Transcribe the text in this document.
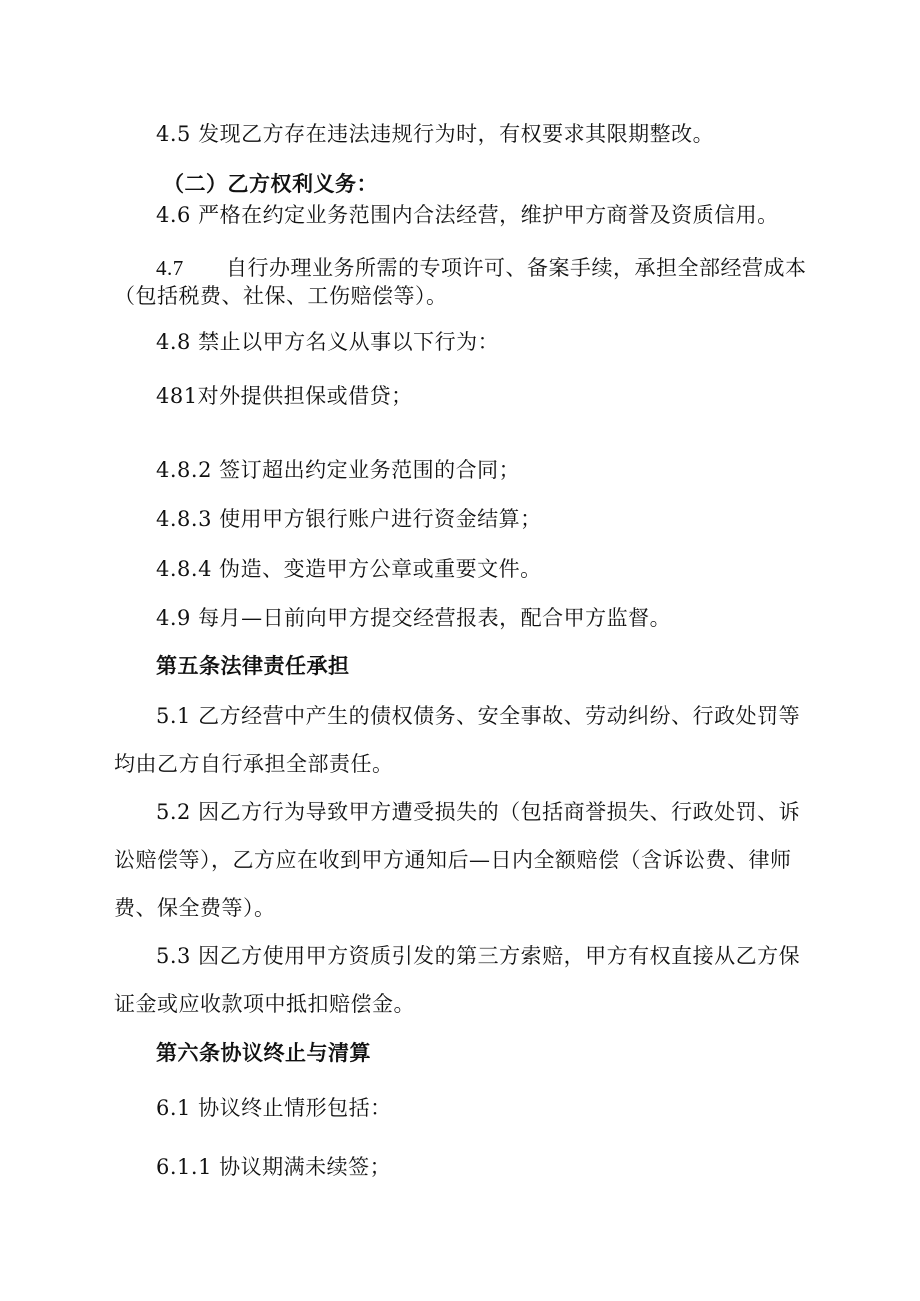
4.5 发现乙方存在违法违规行为时，有权要求其限期整改。
（二）乙方权利义务：
4.6 严格在约定业务范围内合法经营，维护甲方商誉及资质信用。
4.7 自行办理业务所需的专项许可、备案手续，承担全部经营成本
（包括税费、社保、工伤赔偿等）。
4.8 禁止以甲方名义从事以下行为：
481对外提供担保或借贷；
4.8.2 签订超出约定业务范围的合同；
4.8.3 使用甲方银行账户进行资金结算；
4.8.4 伪造、变造甲方公章或重要文件。
4.9 每月—日前向甲方提交经营报表，配合甲方监督。
第五条法律责任承担
5.1 乙方经营中产生的债权债务、安全事故、劳动纠纷、行政处罚等
均由乙方自行承担全部责任。
5.2 因乙方行为导致甲方遭受损失的（包括商誉损失、行政处罚、诉
讼赔偿等），乙方应在收到甲方通知后—日内全额赔偿（含诉讼费、律师
费、保全费等）。
5.3 因乙方使用甲方资质引发的第三方索赔，甲方有权直接从乙方保
证金或应收款项中抵扣赔偿金。
第六条协议终止与清算
6.1 协议终止情形包括：
6.1.1 协议期满未续签；
